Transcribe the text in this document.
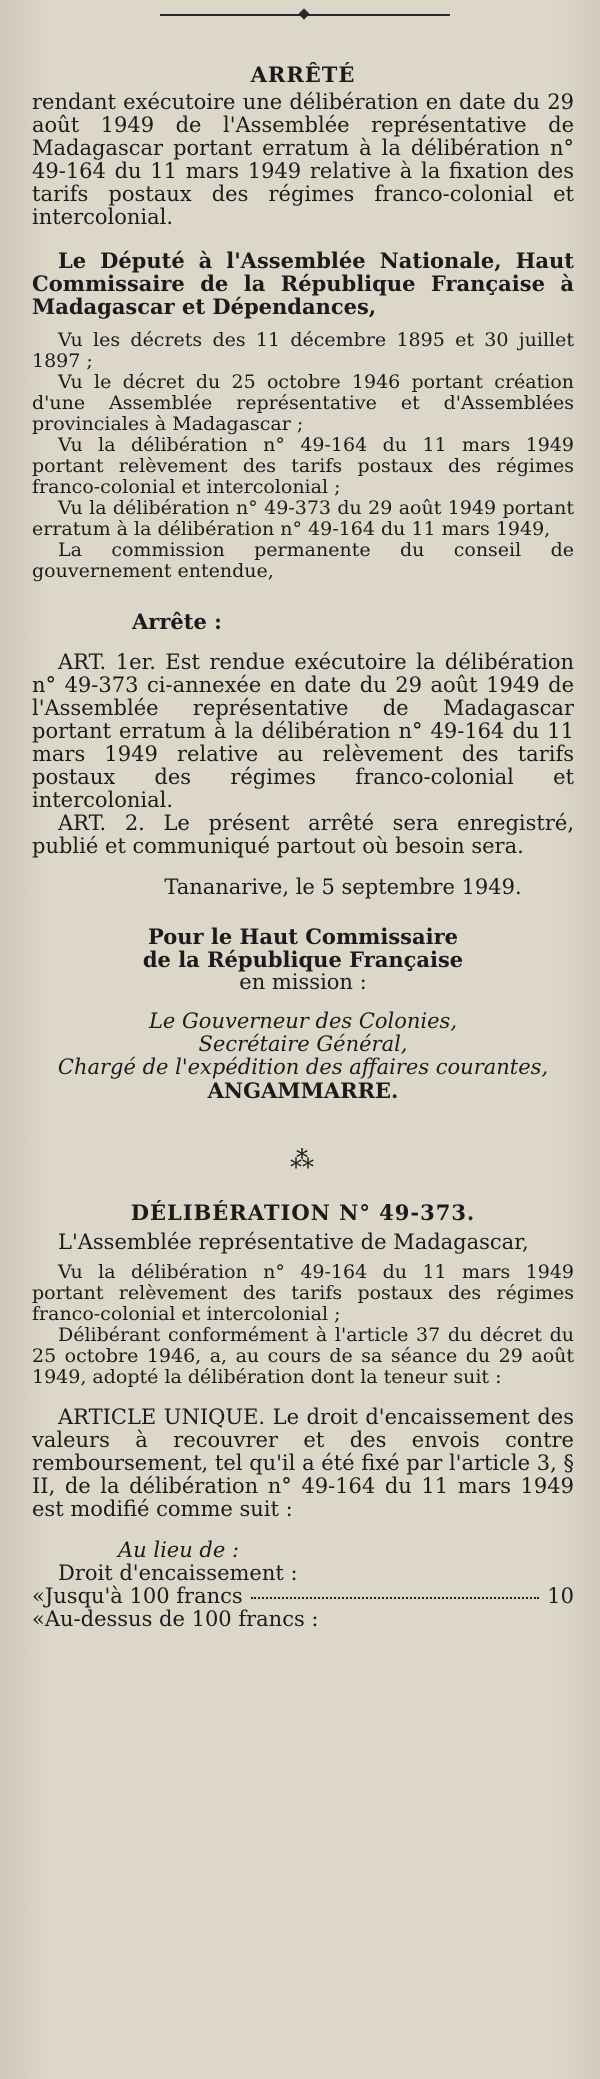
ARRÊTÉ

rendant exécutoire une délibération en date du 29 août 1949 de l'Assemblée représentative de Madagascar portant erratum à la délibération n° 49-164 du 11 mars 1949 relative à la fixation des tarifs postaux des régimes franco-colonial et intercolonial.

Le Député à l'Assemblée Nationale, Haut Commissaire de la République Française à Madagascar et Dépendances,

Vu les décrets des 11 décembre 1895 et 30 juillet 1897 ;

Vu le décret du 25 octobre 1946 portant création d'une Assemblée représentative et d'Assemblées provinciales à Madagascar ;

Vu la délibération n° 49-164 du 11 mars 1949 portant relèvement des tarifs postaux des régimes franco-colonial et intercolonial ;

Vu la délibération n° 49-373 du 29 août 1949 portant erratum à la délibération n° 49-164 du 11 mars 1949,

La commission permanente du conseil de gouvernement entendue,

Arrête :

ART. 1er. Est rendue exécutoire la délibération n° 49-373 ci-annexée en date du 29 août 1949 de l'Assemblée représentative de Madagascar portant erratum à la délibération n° 49-164 du 11 mars 1949 relative au relèvement des tarifs postaux des régimes franco-colonial et intercolonial.

ART. 2. Le présent arrêté sera enregistré, publié et communiqué partout où besoin sera.

Tananarive, le 5 septembre 1949.

Pour le Haut Commissaire

de la République Française

en mission :

Le Gouverneur des Colonies,

Secrétaire Général,

Chargé de l'expédition des affaires courantes,

ANGAMMARRE.

⁂
DÉLIBÉRATION N° 49-373.

L'Assemblée représentative de Madagascar,

Vu la délibération n° 49-164 du 11 mars 1949 portant relèvement des tarifs postaux des régimes franco-colonial et intercolonial ;

Délibérant conformément à l'article 37 du décret du 25 octobre 1946, a, au cours de sa séance du 29 août 1949, adopté la délibération dont la teneur suit :

ARTICLE UNIQUE. Le droit d'encaissement des valeurs à recouvrer et des envois contre remboursement, tel qu'il a été fixé par l'article 3, § II, de la délibération n° 49-164 du 11 mars 1949 est modifié comme suit :

Au lieu de :

Droit d'encaissement :

«Jusqu'à 100 francs	10

«Au-dessus de 100 francs :
